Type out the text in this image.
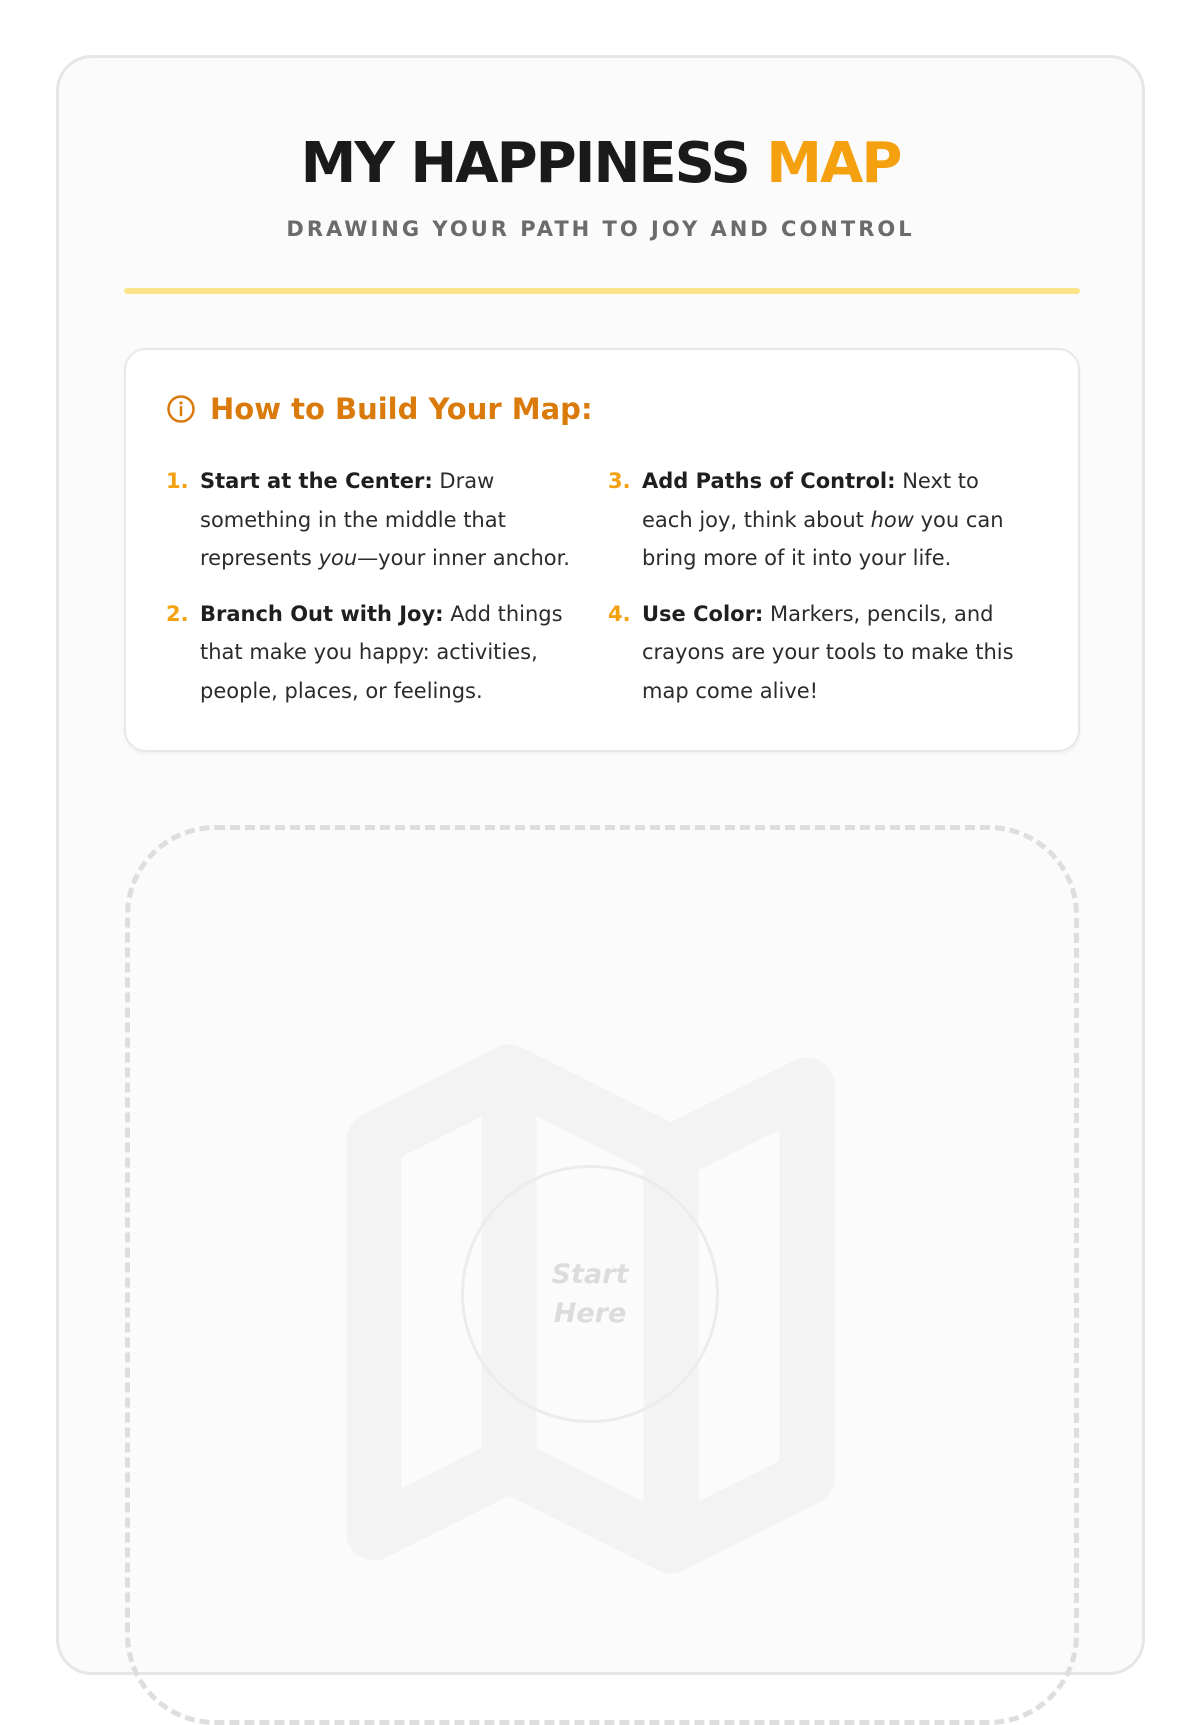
MY HAPPINESS MAP

DRAWING YOUR PATH TO JOY AND CONTROL

How to Build Your Map:
1. Start at the Center: Draw something in the middle that represents you—your inner anchor.
3. Add Paths of Control: Next to each joy, think about how you can bring more of it into your life.
2. Branch Out with Joy: Add things that make you happy: activities, people, places, or feelings.
4. Use Color: Markers, pencils, and crayons are your tools to make this map come alive!
Start Here
